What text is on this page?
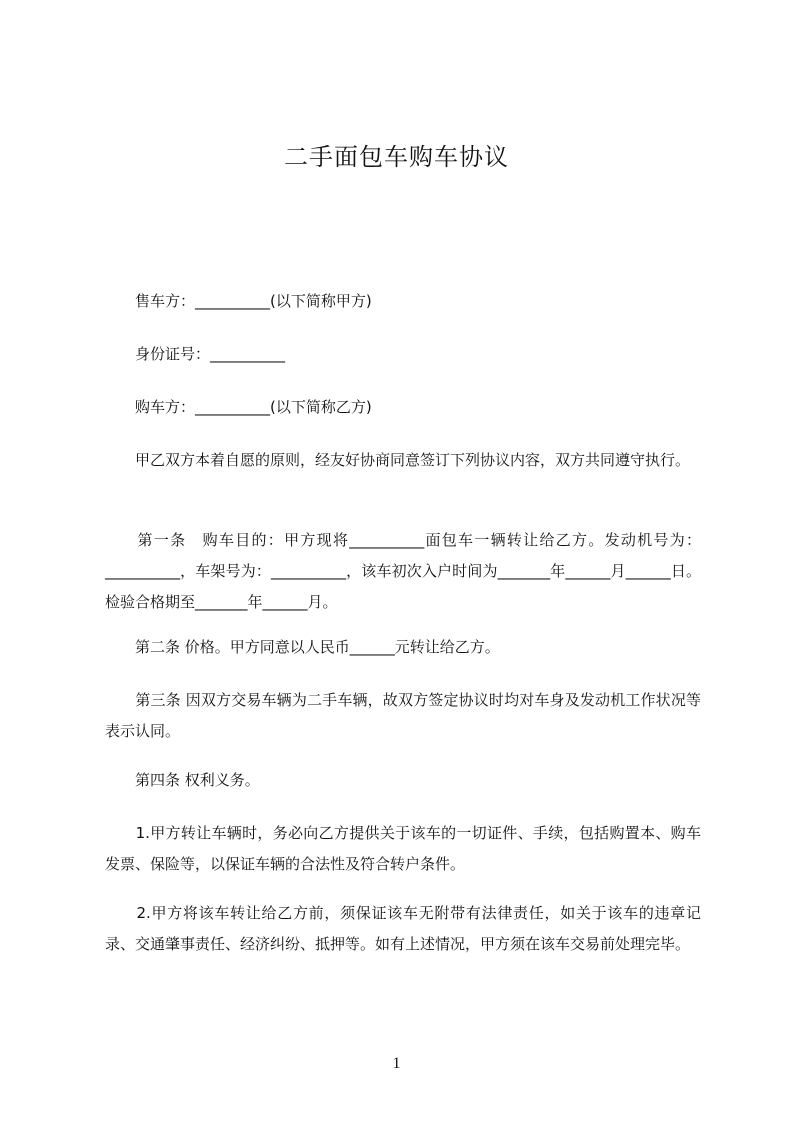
二手面包车购车协议
　　售车方：__________(以下简称甲方)
　　身份证号：__________
　　购车方：__________(以下简称乙方)
　　甲乙双方本着自愿的原则，经友好协商同意签订下列协议内容，双方共同遵守执行。
　　第一条　购车目的：甲方现将__________面包车一辆转让给乙方。发动机号为：__________，车架号为：__________，该车初次入户时间为_______年______月______日。检验合格期至_______年______月。
　　第二条 价格。甲方同意以人民币______元转让给乙方。
　　第三条 因双方交易车辆为二手车辆，故双方签定协议时均对车身及发动机工作状况等表示认同。
　　第四条 权利义务。
　　1.甲方转让车辆时，务必向乙方提供关于该车的一切证件、手续，包括购置本、购车发票、保险等，以保证车辆的合法性及符合转户条件。
　　2.甲方将该车转让给乙方前，须保证该车无附带有法律责任，如关于该车的违章记录、交通肇事责任、经济纠纷、抵押等。如有上述情况，甲方须在该车交易前处理完毕。
1
